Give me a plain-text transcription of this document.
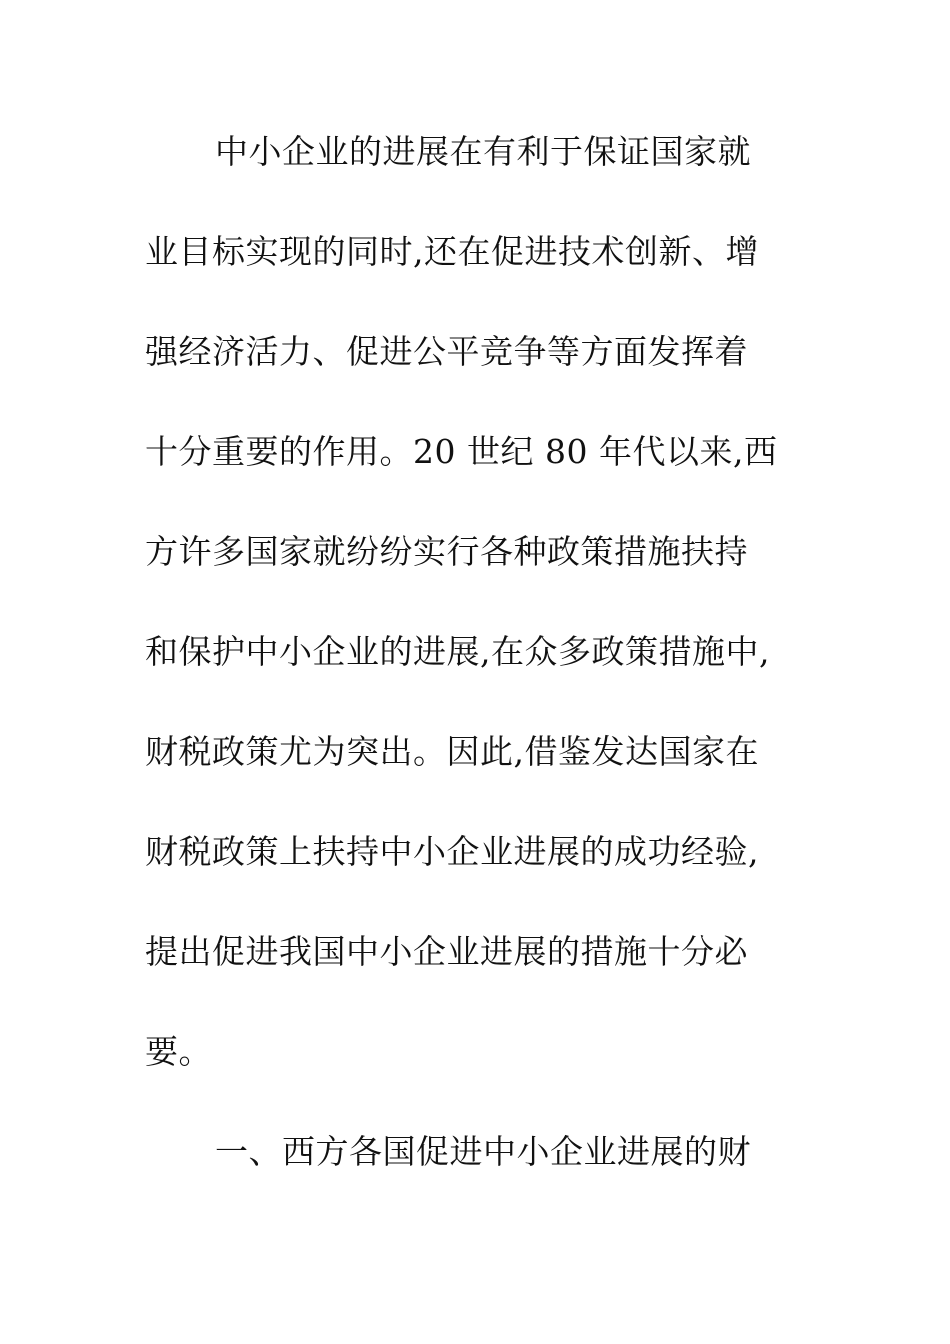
中小企业的进展在有利于保证国家就
业目标实现的同时,还在促进技术创新、增
强经济活力、促进公平竞争等方面发挥着
十分重要的作用。20 世纪 80 年代以来,西
方许多国家就纷纷实行各种政策措施扶持
和保护中小企业的进展,在众多政策措施中,
财税政策尤为突出。因此,借鉴发达国家在
财税政策上扶持中小企业进展的成功经验,
提出促进我国中小企业进展的措施十分必
要。
一、西方各国促进中小企业进展的财
